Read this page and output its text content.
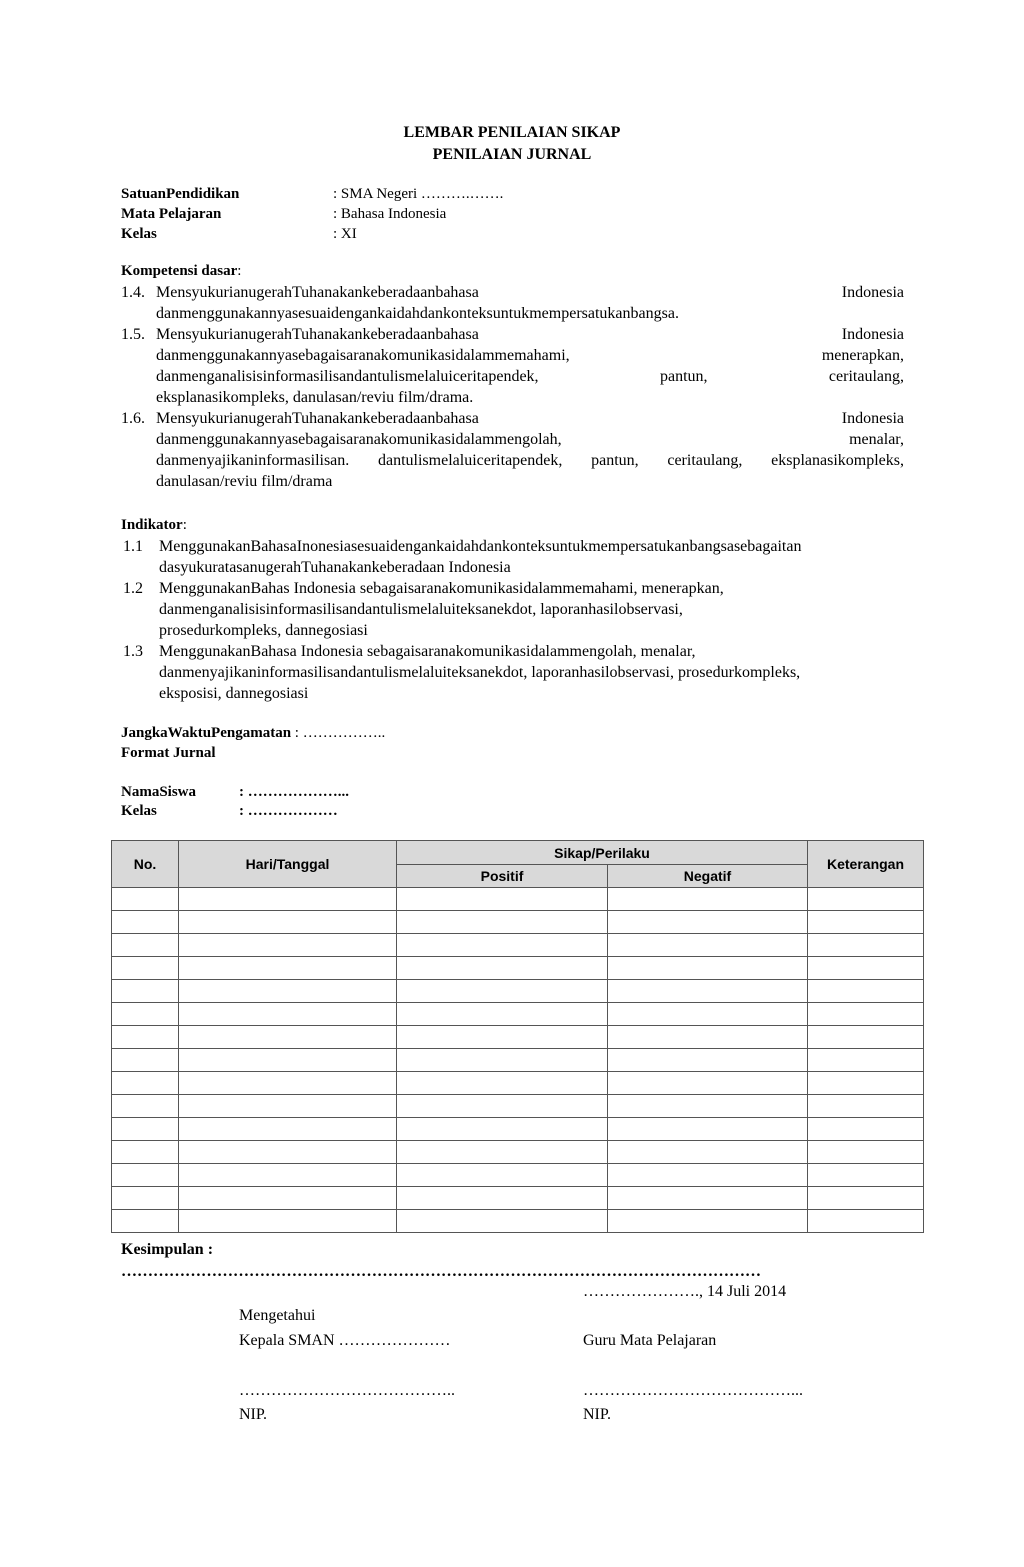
LEMBAR PENILAIAN SIKAP
PENILAIAN JURNAL
SatuanPendidikan	: SMA Negeri ……….…….
Mata Pelajaran	: Bahasa Indonesia
Kelas	: XI
Kompetensi dasar:
1.4. MensyukurianugerahTuhanakankeberadaanbahasa Indonesia
danmenggunakannyasesuaidengankaidahdankonteksuntukmempersatukanbangsa.
1.5. MensyukurianugerahTuhanakankeberadaanbahasa Indonesia
danmenggunakannyasebagaisaranakomunikasidalammemahami, menerapkan,
danmenganalisisinformasilisandantulismelaluiceritapendek, pantun, ceritaulang,
eksplanasikompleks, danulasan/reviu film/drama.
1.6. MensyukurianugerahTuhanakankeberadaanbahasa Indonesia
danmenggunakannyasebagaisaranakomunikasidalammengolah, menalar,
danmenyajikaninformasilisan. dantulismelaluiceritapendek, pantun, ceritaulang, eksplanasikompleks,
danulasan/reviu film/drama
Indikator:
1.1 MenggunakanBahasaInonesiasesuaidengankaidahdankonteksuntukmempersatukanbangsasebagaitan
dasyukuratasanugerahTuhanakankeberadaan Indonesia
1.2 MenggunakanBahas Indonesia sebagaisaranakomunikasidalammemahami, menerapkan,
danmenganalisisinformasilisandantulismelaluiteksanekdot, laporanhasilobservasi,
prosedurkompleks, dannegosiasi
1.3 MenggunakanBahasa Indonesia sebagaisaranakomunikasidalammengolah, menalar,
danmenyajikaninformasilisandantulismelaluiteksanekdot, laporanhasilobservasi, prosedurkompleks,
eksposisi, dannegosiasi
JangkaWaktuPengamatan : ……………..
Format Jurnal
NamaSiswa	: ………………...
Kelas	: ………………
No.	Hari/Tanggal	Sikap/Perilaku		Keterangan
		Positif	Negatif	

Kesimpulan :
…………………………………………………………………………………………………………
…………………., 14 Juli 2014
Mengetahui
Kepala SMAN …………………	Guru Mata Pelajaran
…………………………………..	…………………………………...
NIP.	NIP.
